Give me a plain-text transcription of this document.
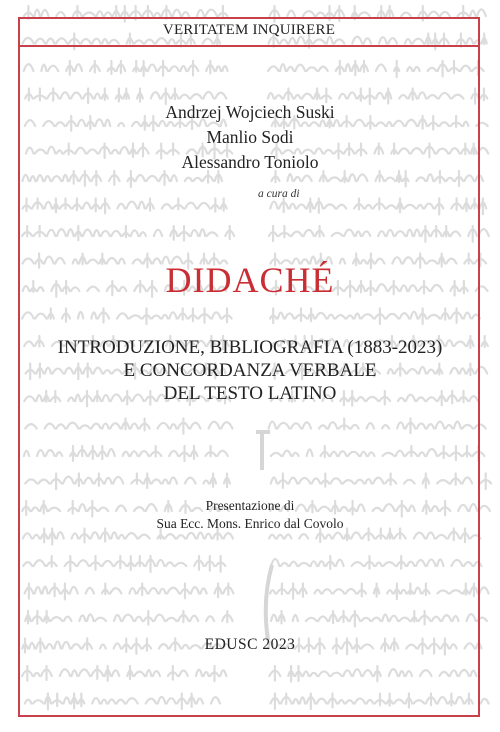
VERITATEM INQUIRERE
Andrzej Wojciech Suski
Manlio Sodi
Alessandro Toniolo
a cura di
DIDACHÉ
INTRODUZIONE, BIBLIOGRAFIA (1883-2023)
E CONCORDANZA VERBALE
DEL TESTO LATINO
Presentazione di
Sua Ecc. Mons. Enrico dal Covolo
EDUSC 2023
